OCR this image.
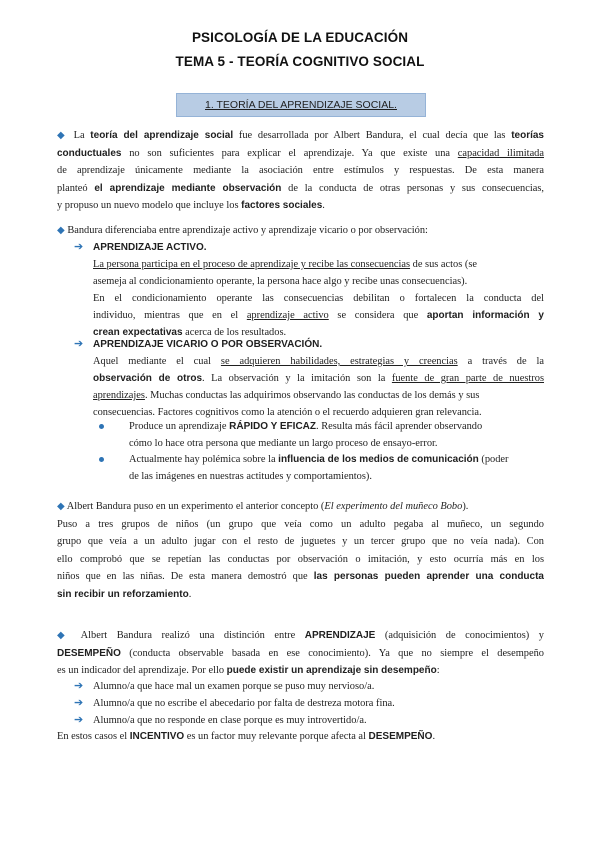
PSICOLOGÍA DE LA EDUCACIÓN
TEMA 5 - TEORÍA COGNITIVO SOCIAL
1. TEORÍA DEL APRENDIZAJE SOCIAL.
◆ La teoría del aprendizaje social fue desarrollada por Albert Bandura, el cual decía que las teorías
conductuales no son suficientes para explicar el aprendizaje. Ya que existe una capacidad ilimitada
de aprendizaje únicamente mediante la asociación entre estímulos y respuestas. De esta manera
planteó el aprendizaje mediante observación de la conducta de otras personas y sus consecuencias,
y propuso un nuevo modelo que incluye los factores sociales.
◆ Bandura diferenciaba entre aprendizaje activo y aprendizaje vicario o por observación:
➔ APRENDIZAJE ACTIVO.
La persona participa en el proceso de aprendizaje y recibe las consecuencias de sus actos (se
asemeja al condicionamiento operante, la persona hace algo y recibe unas consecuencias).
En el condicionamiento operante las consecuencias debilitan o fortalecen la conducta del
individuo, mientras que en el aprendizaje activo se considera que aportan información y
crean expectativas acerca de los resultados.
➔ APRENDIZAJE VICARIO O POR OBSERVACIÓN.
Aquel mediante el cual se adquieren habilidades, estrategias y creencias a través de la
observación de otros. La observación y la imitación son la fuente de gran parte de nuestros
aprendizajes. Muchas conductas las adquirimos observando las conductas de los demás y sus
consecuencias. Factores cognitivos como la atención o el recuerdo adquieren gran relevancia.
Produce un aprendizaje RÁPIDO Y EFICAZ. Resulta más fácil aprender observando
cómo lo hace otra persona que mediante un largo proceso de ensayo-error.
Actualmente hay polémica sobre la influencia de los medios de comunicación (poder
de las imágenes en nuestras actitudes y comportamientos).
◆ Albert Bandura puso en un experimento el anterior concepto (El experimento del muñeco Bobo).
Puso a tres grupos de niños (un grupo que veía como un adulto pegaba al muñeco, un segundo
grupo que veía a un adulto jugar con el resto de juguetes y un tercer grupo que no veía nada). Con
ello comprobó que se repetían las conductas por observación o imitación, y esto ocurría más en los
niños que en las niñas. De esta manera demostró que las personas pueden aprender una conducta
sin recibir un reforzamiento.
◆ Albert Bandura realizó una distinción entre APRENDIZAJE (adquisición de conocimientos) y
DESEMPEÑO (conducta observable basada en ese conocimiento). Ya que no siempre el desempeño
es un indicador del aprendizaje. Por ello puede existir un aprendizaje sin desempeño:
➔ Alumno/a que hace mal un examen porque se puso muy nervioso/a.
➔ Alumno/a que no escribe el abecedario por falta de destreza motora fina.
➔ Alumno/a que no responde en clase porque es muy introvertido/a.
En estos casos el INCENTIVO es un factor muy relevante porque afecta al DESEMPEÑO.
